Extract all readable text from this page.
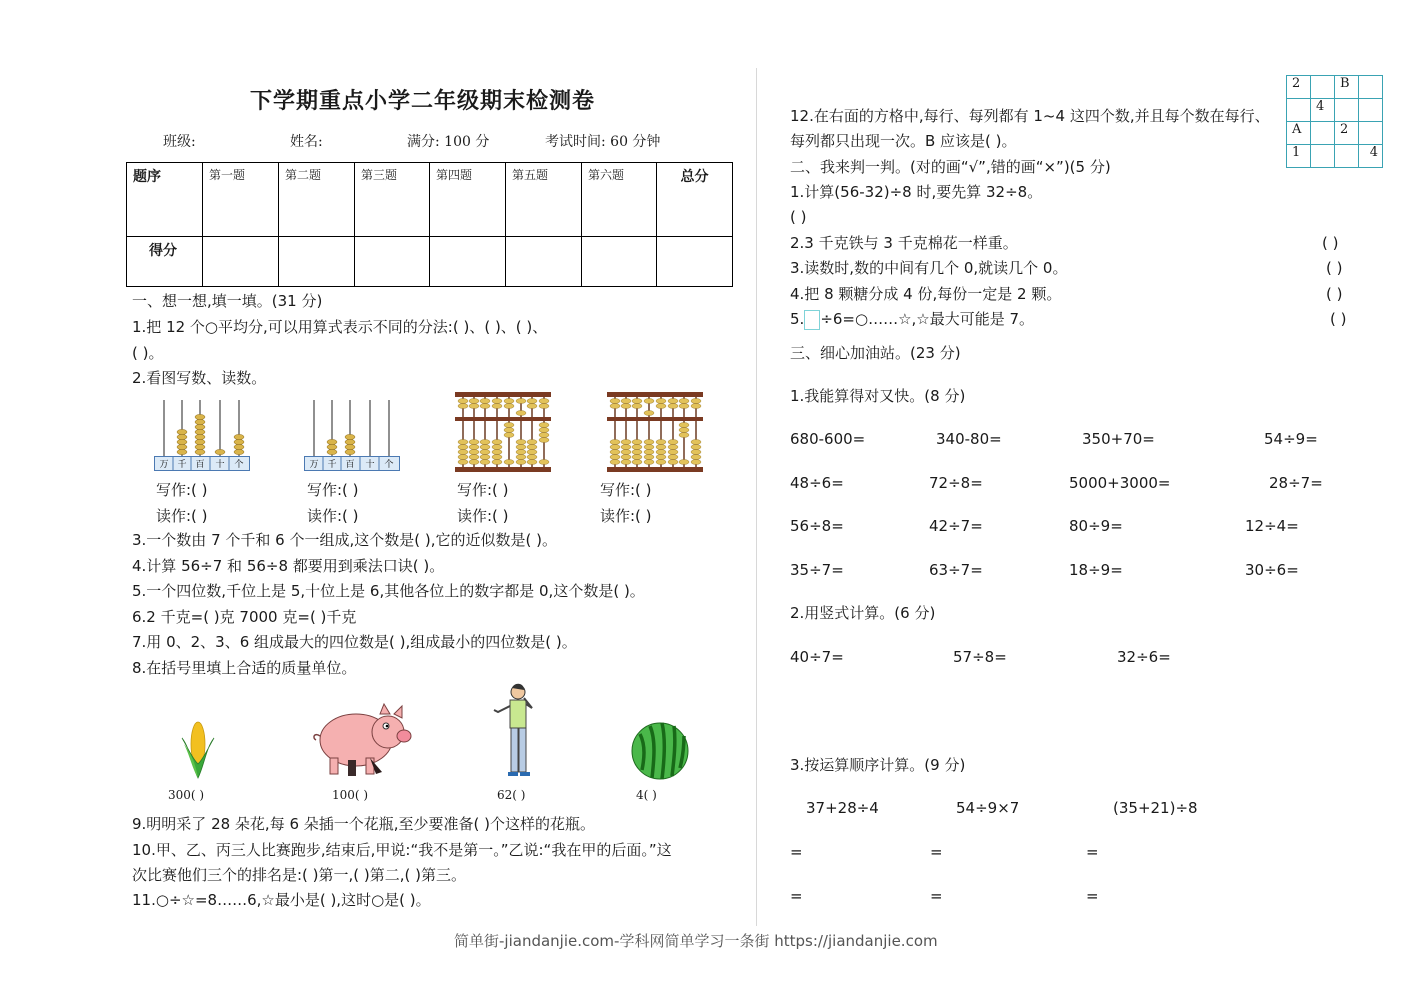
下学期重点小学二年级期末检测卷
班级:	姓名:	满分: 100 分	考试时间: 60 分钟
题序	第一题	第二题	第三题	第四题	第五题	第六题	总分
得分							
一、想一想,填一填。(31 分)
1.把 12 个○平均分,可以用算式表示不同的分法:( )、( )、( )、
( )。
2.看图写数、读数。
万 千 百 十 个	万 千 百 十 个
写作:( )
读作:( )
写作:( )
读作:( )
写作:( )
读作:( )
写作:( )
读作:( )
3.一个数由 7 个千和 6 个一组成,这个数是( ),它的近似数是( )。
4.计算 56÷7 和 56÷8 都要用到乘法口诀( )。
5.一个四位数,千位上是 5,十位上是 6,其他各位上的数字都是 0,这个数是( )。
6.2 千克=( )克 7000 克=( )千克
7.用 0、2、3、6 组成最大的四位数是( ),组成最小的四位数是( )。
8.在括号里填上合适的质量单位。
300( )	100( )	62( )	4( )
9.明明采了 28 朵花,每 6 朵插一个花瓶,至少要准备( )个这样的花瓶。
10.甲、乙、丙三人比赛跑步,结束后,甲说:“我不是第一。”乙说:“我在甲的后面。”这
次比赛他们三个的排名是:( )第一,( )第二,( )第三。
11.○÷☆=8……6,☆最小是( ),这时○是( )。
12.在右面的方格中,每行、每列都有 1~4 这四个数,并且每个数在每行、
每列都只出现一次。B 应该是( )。
2		B	
	4		
A		2	
1			4
二、我来判一判。(对的画“√”,错的画“×”)(5 分)
1.计算(56-32)÷8 时,要先算 32÷8。
( )
2.3 千克铁与 3 千克棉花一样重。	( )
3.读数时,数的中间有几个 0,就读几个 0。	( )
4.把 8 颗糖分成 4 份,每份一定是 2 颗。	( )
5. ÷6=○……☆,☆最大可能是 7。	( )
三、细心加油站。(23 分)
1.我能算得对又快。(8 分)
680-600=	340-80=	350+70=	54÷9=
48÷6=	72÷8=	5000+3000=	28÷7=
56÷8=	42÷7=	80÷9=	12÷4=
35÷7=	63÷7=	18÷9=	30÷6=
2.用竖式计算。(6 分)
40÷7=	57÷8=	32÷6=
3.按运算顺序计算。(9 分)
37+28÷4	54÷9×7	(35+21)÷8
=	=	=
=	=	=
简单街-jiandanjie.com-学科网简单学习一条街 https://jiandanjie.com
